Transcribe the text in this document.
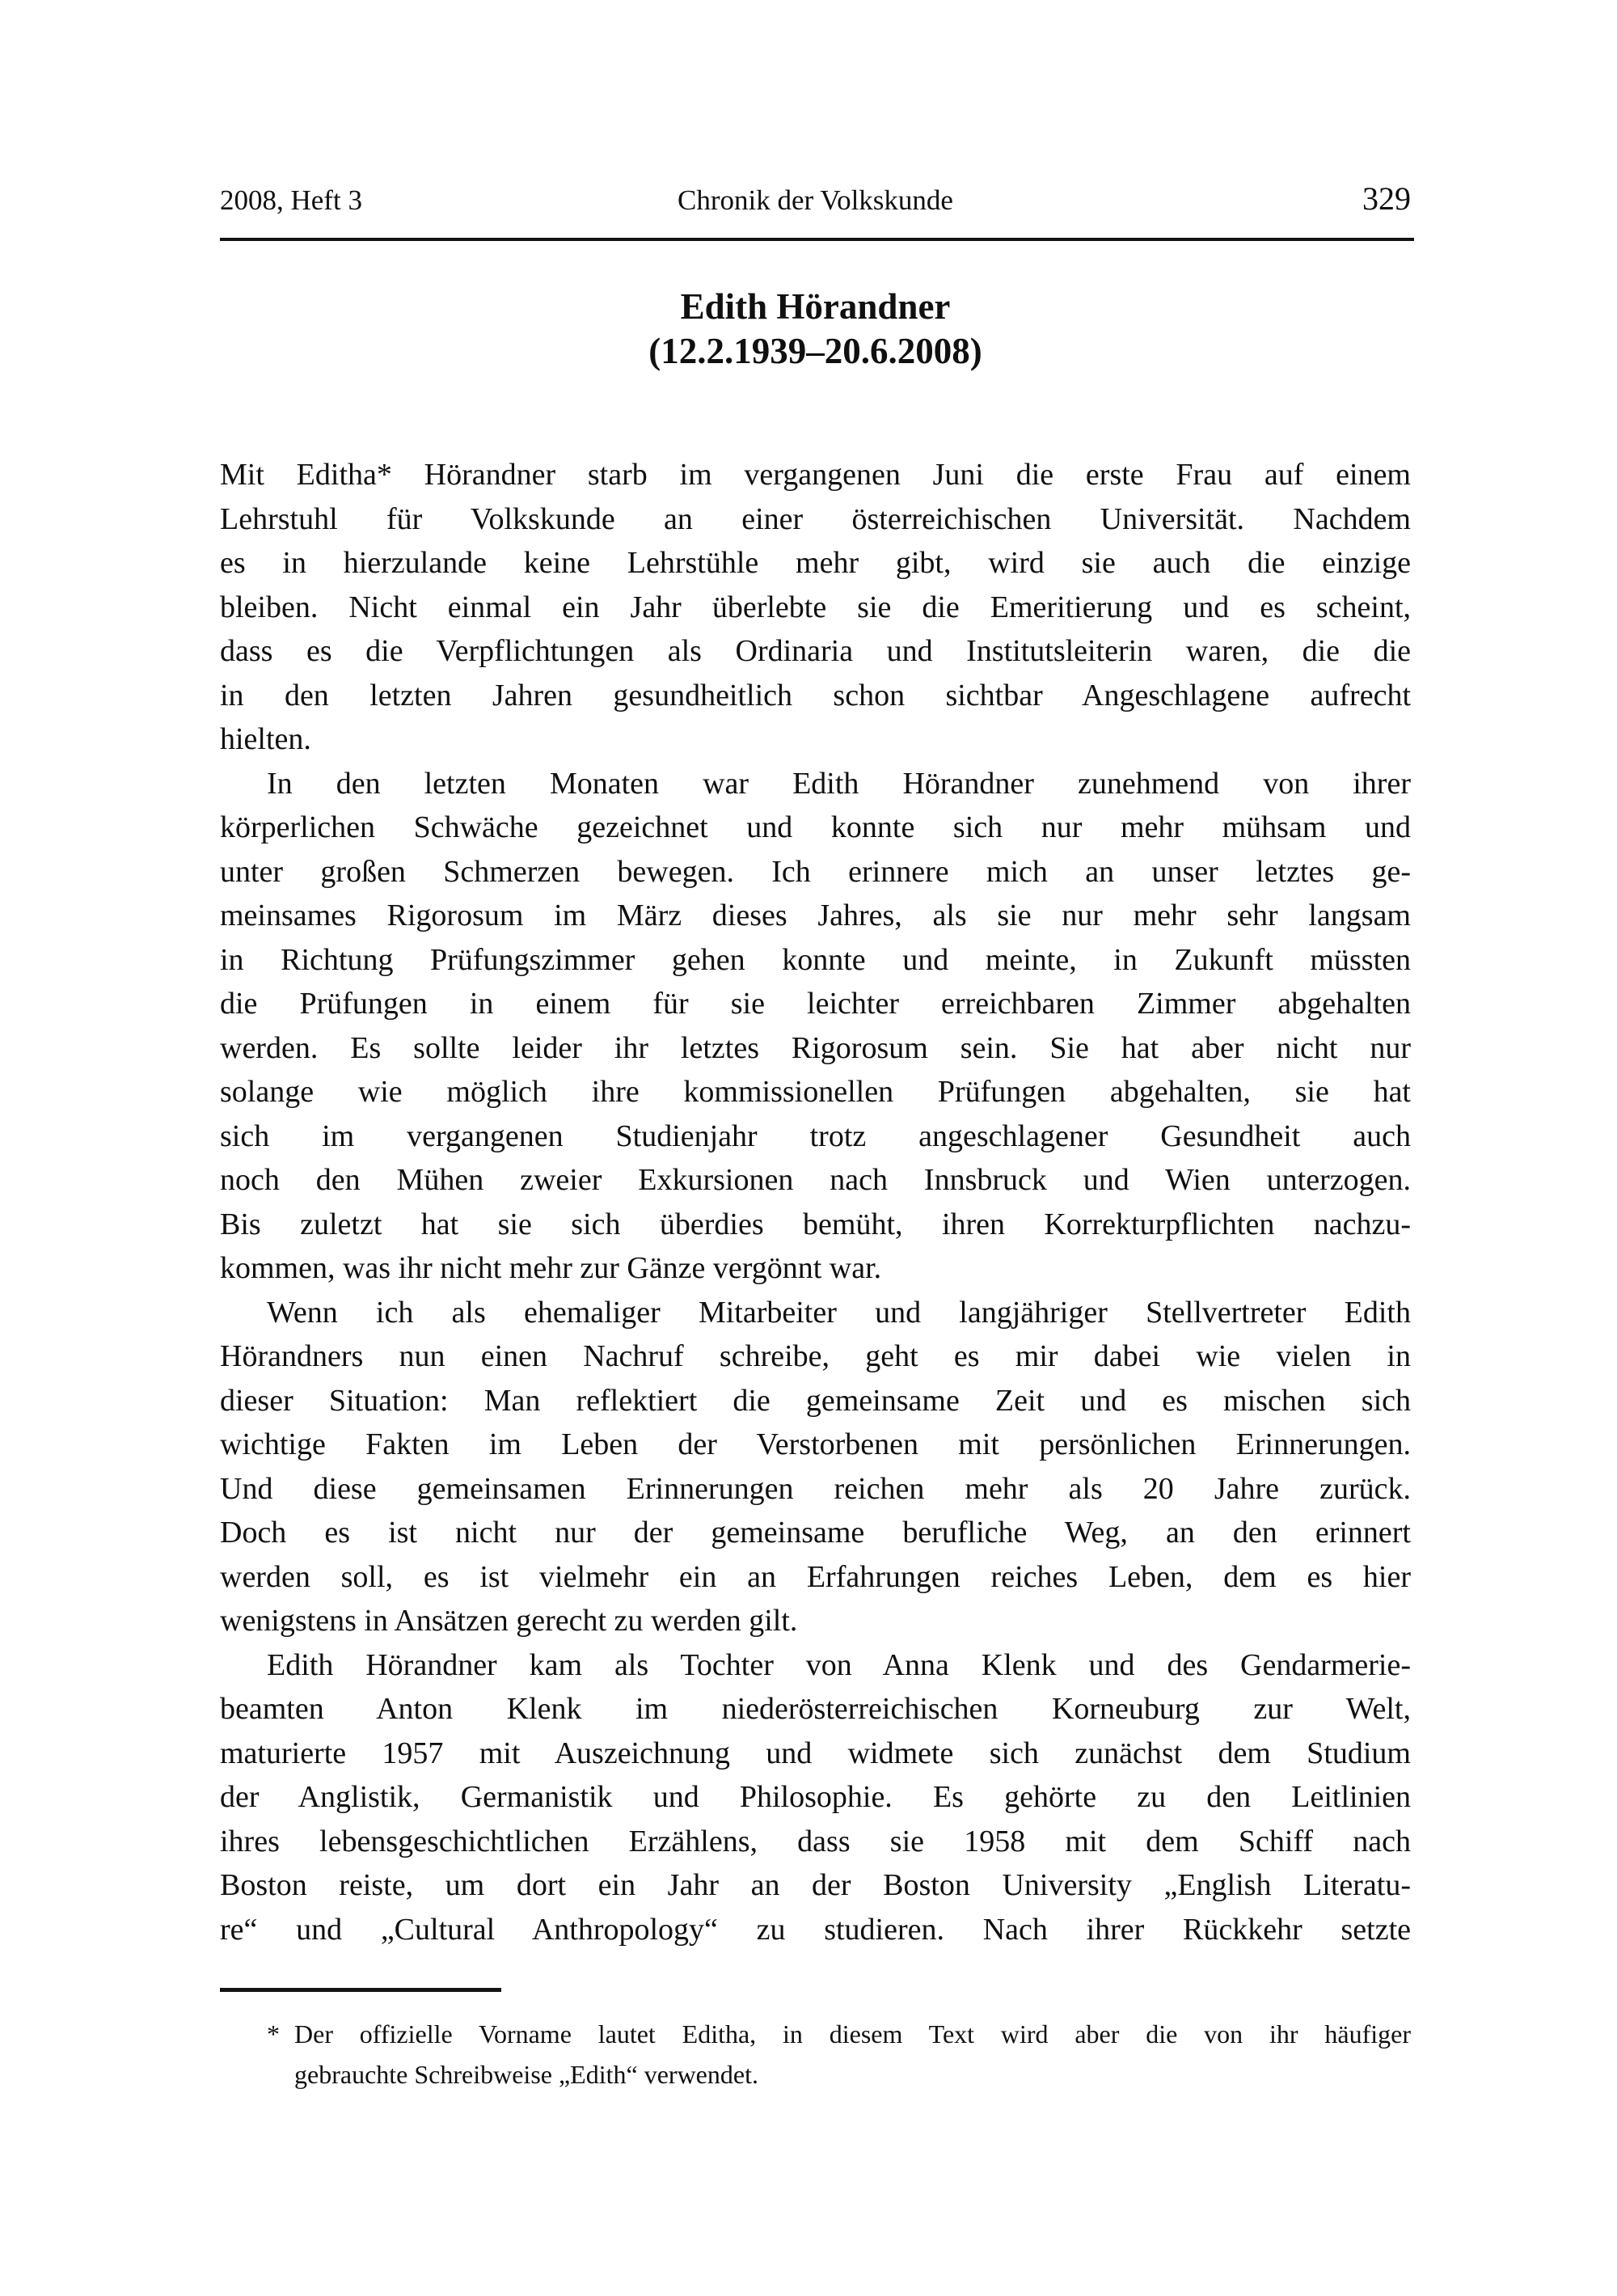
2008, Heft 3	Chronik der Volkskunde	329
Edith Hörandner
(12.2.1939–20.6.2008)
Mit Editha* Hörandner starb im vergangenen Juni die erste Frau auf einem
Lehrstuhl für Volkskunde an einer österreichischen Universität. Nachdem
es in hierzulande keine Lehrstühle mehr gibt, wird sie auch die einzige
bleiben. Nicht einmal ein Jahr überlebte sie die Emeritierung und es scheint,
dass es die Verpflichtungen als Ordinaria und Institutsleiterin waren, die die
in den letzten Jahren gesundheitlich schon sichtbar Angeschlagene aufrecht
hielten.
In den letzten Monaten war Edith Hörandner zunehmend von ihrer
körperlichen Schwäche gezeichnet und konnte sich nur mehr mühsam und
unter großen Schmerzen bewegen. Ich erinnere mich an unser letztes ge-
meinsames Rigorosum im März dieses Jahres, als sie nur mehr sehr langsam
in Richtung Prüfungszimmer gehen konnte und meinte, in Zukunft müssten
die Prüfungen in einem für sie leichter erreichbaren Zimmer abgehalten
werden. Es sollte leider ihr letztes Rigorosum sein. Sie hat aber nicht nur
solange wie möglich ihre kommissionellen Prüfungen abgehalten, sie hat
sich im vergangenen Studienjahr trotz angeschlagener Gesundheit auch
noch den Mühen zweier Exkursionen nach Innsbruck und Wien unterzogen.
Bis zuletzt hat sie sich überdies bemüht, ihren Korrekturpflichten nachzu-
kommen, was ihr nicht mehr zur Gänze vergönnt war.
Wenn ich als ehemaliger Mitarbeiter und langjähriger Stellvertreter Edith
Hörandners nun einen Nachruf schreibe, geht es mir dabei wie vielen in
dieser Situation: Man reflektiert die gemeinsame Zeit und es mischen sich
wichtige Fakten im Leben der Verstorbenen mit persönlichen Erinnerungen.
Und diese gemeinsamen Erinnerungen reichen mehr als 20 Jahre zurück.
Doch es ist nicht nur der gemeinsame berufliche Weg, an den erinnert
werden soll, es ist vielmehr ein an Erfahrungen reiches Leben, dem es hier
wenigstens in Ansätzen gerecht zu werden gilt.
Edith Hörandner kam als Tochter von Anna Klenk und des Gendarmerie-
beamten Anton Klenk im niederösterreichischen Korneuburg zur Welt,
maturierte 1957 mit Auszeichnung und widmete sich zunächst dem Studium
der Anglistik, Germanistik und Philosophie. Es gehörte zu den Leitlinien
ihres lebensgeschichtlichen Erzählens, dass sie 1958 mit dem Schiff nach
Boston reiste, um dort ein Jahr an der Boston University „English Literatu-
re“ und „Cultural Anthropology“ zu studieren. Nach ihrer Rückkehr setzte
* Der offizielle Vorname lautet Editha, in diesem Text wird aber die von ihr häufiger
gebrauchte Schreibweise „Edith“ verwendet.
